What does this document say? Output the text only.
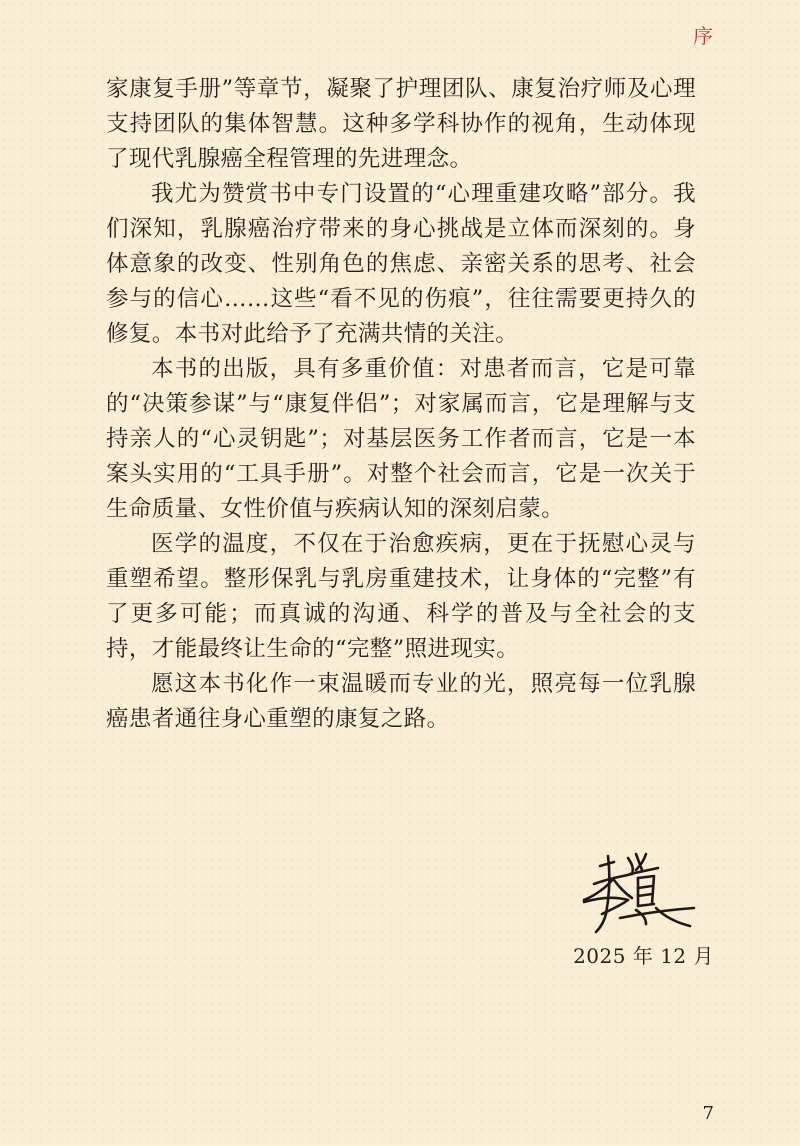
序

家康复手册”等章节，凝聚了护理团队、康复治疗师及心理支持团队的集体智慧。这种多学科协作的视角，生动体现了现代乳腺癌全程管理的先进理念。

我尤为赞赏书中专门设置的“心理重建攻略”部分。我们深知，乳腺癌治疗带来的身心挑战是立体而深刻的。身体意象的改变、性别角色的焦虑、亲密关系的思考、社会参与的信心……这些“看不见的伤痕”，往往需要更持久的修复。本书对此给予了充满共情的关注。

本书的出版，具有多重价值：对患者而言，它是可靠的“决策参谋”与“康复伴侣”；对家属而言，它是理解与支持亲人的“心灵钥匙”；对基层医务工作者而言，它是一本案头实用的“工具手册”。对整个社会而言，它是一次关于生命质量、女性价值与疾病认知的深刻启蒙。

医学的温度，不仅在于治愈疾病，更在于抚慰心灵与重塑希望。整形保乳与乳房重建技术，让身体的“完整”有了更多可能；而真诚的沟通、科学的普及与全社会的支持，才能最终让生命的“完整”照进现实。

愿这本书化作一束温暖而专业的光，照亮每一位乳腺癌患者通往身心重塑的康复之路。

2025 年 12 月
7
